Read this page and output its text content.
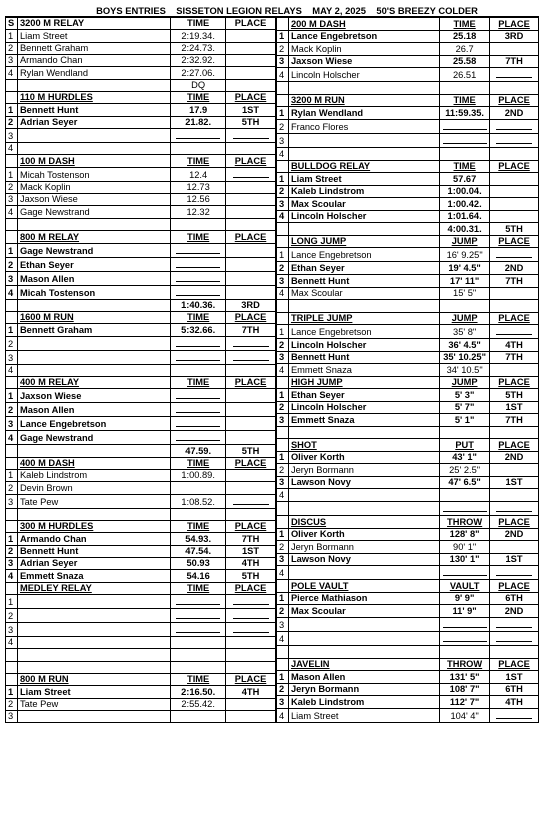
BOYS ENTRIES    SISSETON LEGION RELAYS    MAY 2, 2025    50'S BREEZY COLDER
S	3200 M RELAY	TIME	PLACE
1	Liam Street	2:19.34.	
2	Bennett Graham	2:24.73.	
3	Armando Chan	2:32.92.	
4	Rylan Wendland	2:27.06.	
		DQ	
	110 M HURDLES	TIME	PLACE
1	Bennett Hunt	17.9	1ST
2	Adrian Seyer	21.82.	5TH
3			
4			
	100 M DASH	TIME	PLACE
1	Micah Tostenson	12.4	
2	Mack Koplin	12.73	
3	Jaxson Wiese	12.56	
4	Gage Newstrand	12.32	

	800 M RELAY	TIME	PLACE
1	Gage Newstrand		
2	Ethan Seyer		
3	Mason Allen		
4	Micah Tostenson		
		1:40.36.	3RD
	1600 M RUN	TIME	PLACE
1	Bennett Graham	5:32.66.	7TH
2			
3			
4			
	400 M RELAY	TIME	PLACE
1	Jaxson Wiese		
2	Mason Allen		
3	Lance Engebretson		
4	Gage Newstrand		
		47.59.	5TH
	400 M DASH	TIME	PLACE
1	Kaleb Lindstrom	1:00.89.	
2	Devin Brown		
3	Tate Pew	1:08.52.	

	300 M HURDLES	TIME	PLACE
1	Armando Chan	54.93.	7TH
2	Bennett Hunt	47.54.	1ST
3	Adrian Seyer	50.93	4TH
4	Emmett Snaza	54.16	5TH
	MEDLEY RELAY	TIME	PLACE
1			
2			
3			
4			

	800 M RUN	TIME	PLACE
1	Liam Street	2:16.50.	4TH
2	Tate Pew	2:55.42.	
3			
	200 M DASH	TIME	PLACE
1	Lance Engebretson	25.18	3RD
2	Mack Koplin	26.7	
3	Jaxson Wiese	25.58	7TH
4	Lincoln Holscher	26.51	

	3200 M RUN	TIME	PLACE
1	Rylan Wendland	11:59.35.	2ND
2	Franco Flores		
3			
4			
	BULLDOG RELAY	TIME	PLACE
1	Liam Street	57.67	
2	Kaleb Lindstrom	1:00.04.	
3	Max Scoular	1:00.42.	
4	Lincoln Holscher	1:01.64.	
		4:00.31.	5TH
	LONG JUMP	JUMP	PLACE
1	Lance Engebretson	16' 9.25"	
2	Ethan Seyer	19' 4.5"	2ND
3	Bennett Hunt	17' 11"	7TH
4	Max Scoular	15' 5"	

	TRIPLE JUMP	JUMP	PLACE
1	Lance Engebretson	35' 8"	
2	Lincoln Holscher	36' 4.5"	4TH
3	Bennett Hunt	35' 10.25"	7TH
4	Emmett Snaza	34' 10.5"	
	HIGH JUMP	JUMP	PLACE
1	Ethan Seyer	5' 3"	5TH
2	Lincoln Holscher	5' 7"	1ST
3	Emmett Snaza	5' 1"	7TH

	SHOT	PUT	PLACE
1	Oliver Korth	43' 1"	2ND
2	Jeryn Bormann	25' 2.5"	
3	Lawson Novy	47' 6.5"	1ST
4			

	DISCUS	THROW	PLACE
1	Oliver Korth	128' 8"	2ND
2	Jeryn Bormann	90' 1"	
3	Lawson Novy	130' 1"	1ST
4			
	POLE VAULT	VAULT	PLACE
1	Pierce Mathiason	9' 9"	6TH
2	Max Scoular	11' 9"	2ND
3			
4			

	JAVELIN	THROW	PLACE
1	Mason Allen	131' 5"	1ST
2	Jeryn Bormann	108' 7"	6TH
3	Kaleb Lindstrom	112' 7"	4TH
4	Liam Street	104' 4"	
